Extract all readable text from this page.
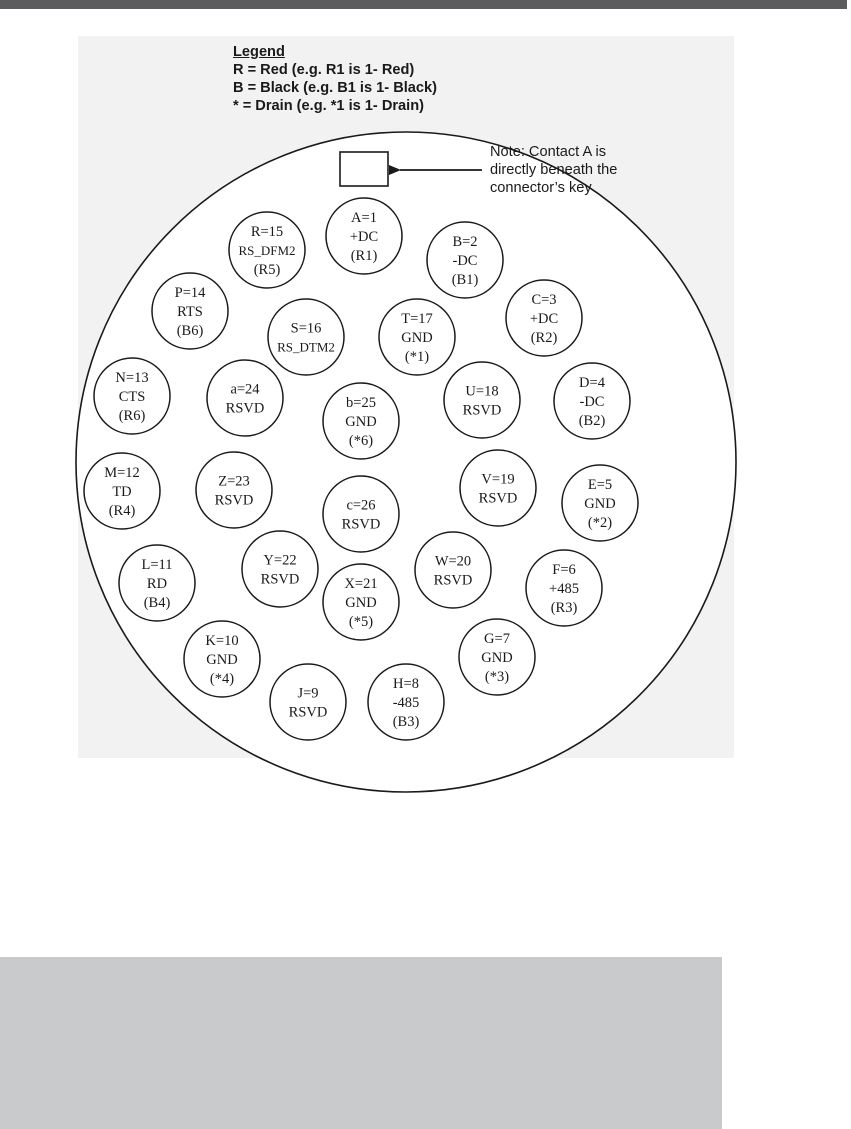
Legend
R = Red (e.g. R1 is 1- Red)
B = Black (e.g. B1 is 1- Black)
* = Drain (e.g. *1 is 1- Drain)
Note: Contact A is
directly beneath the
connector’s key
A=1
+DC
(R1)
B=2
-DC
(B1)
C=3
+DC
(R2)
D=4
-DC
(B2)
E=5
GND
(*2)
F=6
+485
(R3)
G=7
GND
(*3)
H=8
-485
(B3)
J=9
RSVD
K=10
GND
(*4)
L=11
RD
(B4)
M=12
TD
(R4)
N=13
CTS
(R6)
P=14
RTS
(B6)
R=15
RS_DFM2
(R5)
S=16
RS_DTM2
T=17
GND
(*1)
U=18
RSVD
V=19
RSVD
W=20
RSVD
X=21
GND
(*5)
Y=22
RSVD
Z=23
RSVD
a=24
RSVD	b=25
GND
(*6)
c=26
RSVD
